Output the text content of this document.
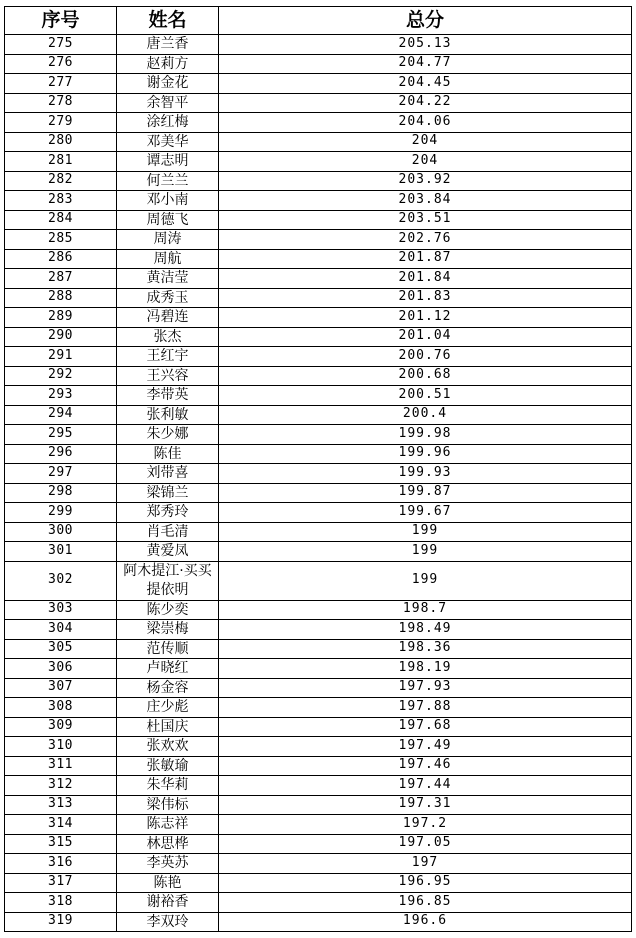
序号	姓名	总分
275	唐兰香	205.13
276	赵莉方	204.77
277	谢金花	204.45
278	余智平	204.22
279	涂红梅	204.06
280	邓美华	204
281	谭志明	204
282	何兰兰	203.92
283	邓小南	203.84
284	周德飞	203.51
285	周涛	202.76
286	周航	201.87
287	黄洁莹	201.84
288	成秀玉	201.83
289	冯碧连	201.12
290	张杰	201.04
291	王红宇	200.76
292	王兴容	200.68
293	李带英	200.51
294	张利敏	200.4
295	朱少娜	199.98
296	陈佳	199.96
297	刘带喜	199.93
298	梁锦兰	199.87
299	郑秀玲	199.67
300	肖毛清	199
301	黄爱凤	199
302	阿木提江·买买提依明	199
303	陈少奕	198.7
304	梁崇梅	198.49
305	范传顺	198.36
306	卢晓红	198.19
307	杨金容	197.93
308	庄少彪	197.88
309	杜国庆	197.68
310	张欢欢	197.49
311	张敏瑜	197.46
312	朱华莉	197.44
313	梁伟标	197.31
314	陈志祥	197.2
315	林思桦	197.05
316	李英苏	197
317	陈艳	196.95
318	谢裕香	196.85
319	李双玲	196.6
